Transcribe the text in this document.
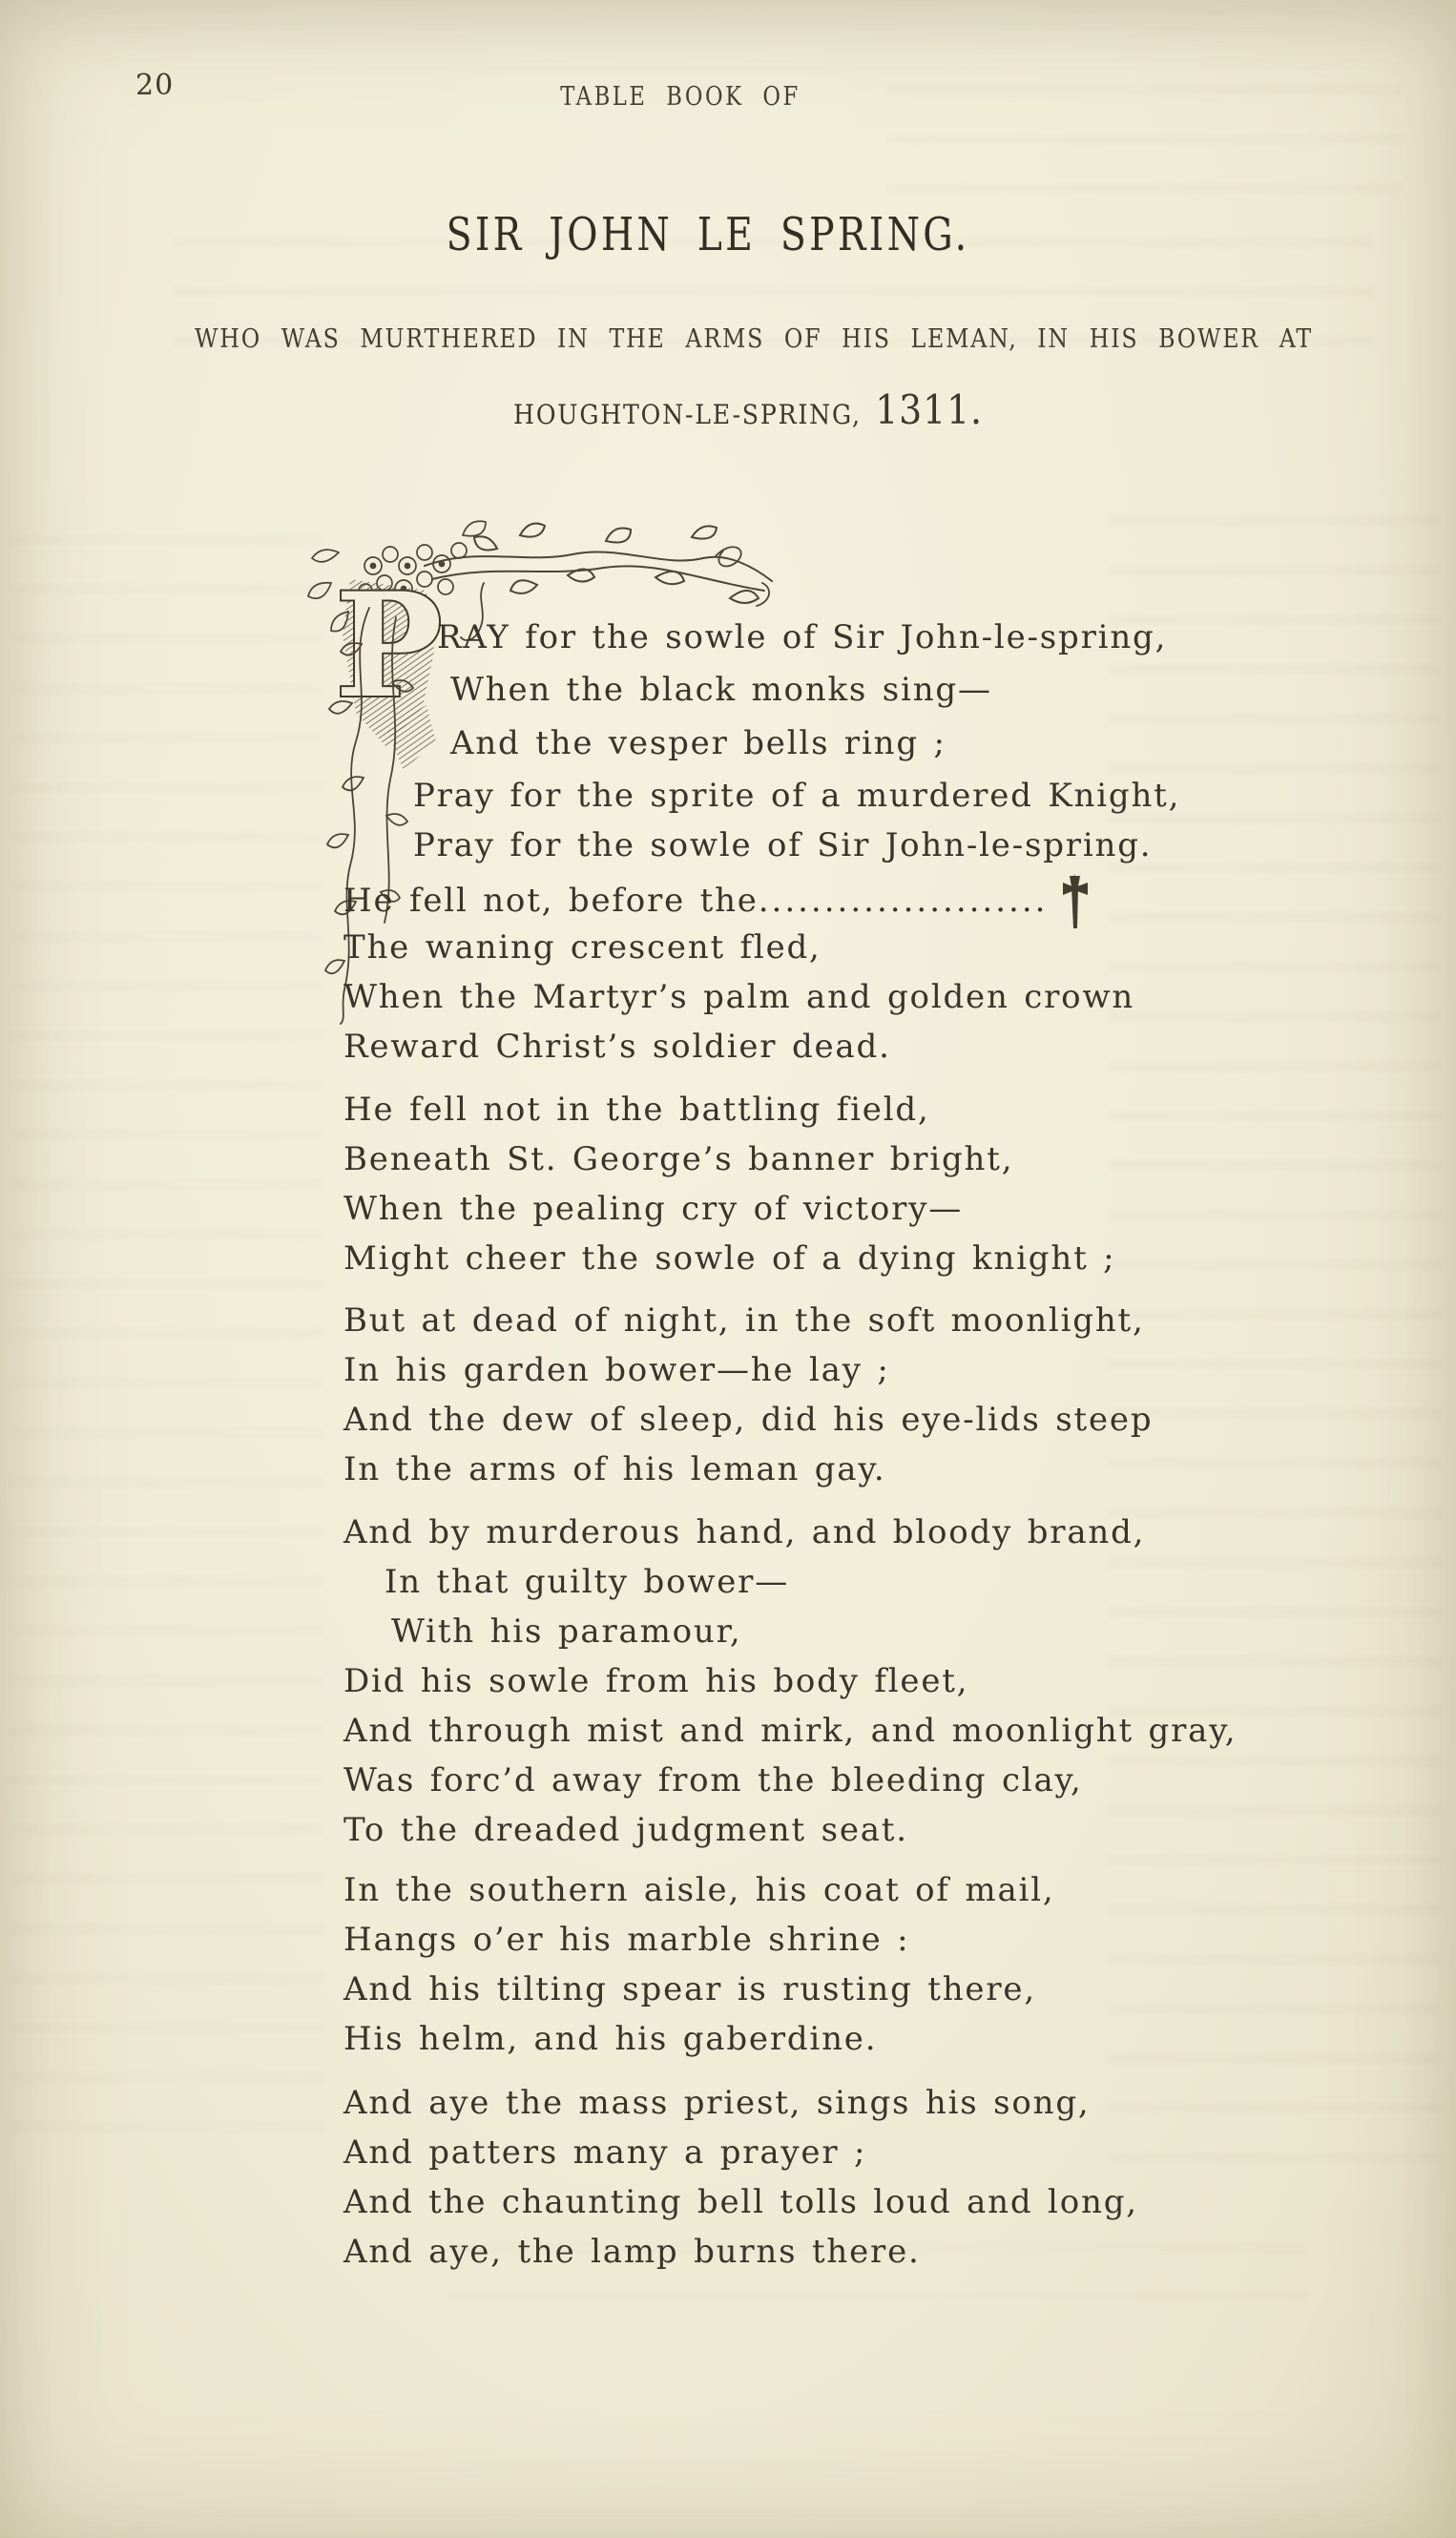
20	TABLE BOOK OF
SIR JOHN LE SPRING.
WHO WAS MURTHERED IN THE ARMS OF HIS LEMAN, IN HIS BOWER AT
HOUGHTON-LE-SPRING, 1311.
P
RAY for the sowle of Sir John-le-spring,
When the black monks sing—
And the vesper bells ring ;
Pray for the sprite of a murdered Knight,
Pray for the sowle of Sir John-le-spring.
He fell not, before the......................
The waning crescent fled,
When the Martyr’s palm and golden crown
Reward Christ’s soldier dead.
He fell not in the battling field,
Beneath St. George’s banner bright,
When the pealing cry of victory—
Might cheer the sowle of a dying knight ;
But at dead of night, in the soft moonlight,
In his garden bower—he lay ;
And the dew of sleep, did his eye-lids steep
In the arms of his leman gay.
And by murderous hand, and bloody brand,
In that guilty bower—
With his paramour,
Did his sowle from his body fleet,
And through mist and mirk, and moonlight gray,
Was forc’d away from the bleeding clay,
To the dreaded judgment seat.
In the southern aisle, his coat of mail,
Hangs o’er his marble shrine :
And his tilting spear is rusting there,
His helm, and his gaberdine.
And aye the mass priest, sings his song,
And patters many a prayer ;
And the chaunting bell tolls loud and long,
And aye, the lamp burns there.
